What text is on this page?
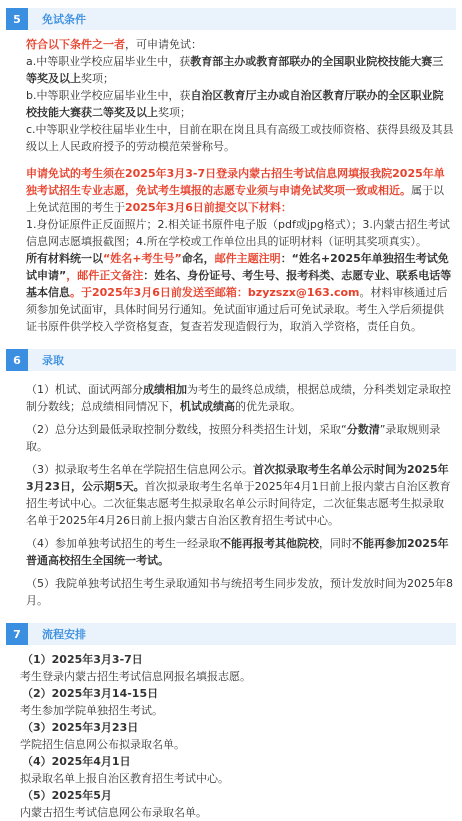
5	免试条件

符合以下条件之一者，可申请免试：

a.中等职业学校应届毕业生中，获教育部主办或教育部联办的全国职业院校技能大赛三等奖及以上奖项；

b.中等职业学校应届毕业生中，获自治区教育厅主办或自治区教育厅联办的全区职业院校技能大赛获二等奖及以上奖项；

c.中等职业学校往届毕业生中，目前在职在岗且具有高级工或技师资格、获得县级及其县级以上人民政府授予的劳动模范荣誉称号。

申请免试的考生须在2025年3月3-7日登录内蒙古招生考试信息网填报我院2025年单独考试招生专业志愿，免试考生填报的志愿专业须与申请免试奖项一致或相近。属于以上免试范围的考生于2025年3月6日前提交以下材料：

1.身份证原件正反面照片；2.相关证书原件电子版（pdf或jpg格式）；3.内蒙古招生考试信息网志愿填报截图；4.所在学校或工作单位出具的证明材料（证明其奖项真实）。

所有材料统一以“姓名+考生号”命名，邮件主题注明：“姓名+2025年单独招生考试免试申请”，邮件正文备注：姓名、身份证号、考生号、报考科类、志愿专业、联系电话等基本信息。于2025年3月6日前发送至邮箱：bzyzszx@163.com。材料审核通过后须参加免试面审，具体时间另行通知。免试面审通过后可免试录取。考生入学后须提供证书原件供学校入学资格复查，复查若发现造假行为，取消入学资格，责任自负。

6	录取

（1）机试、面试两部分成绩相加为考生的最终总成绩，根据总成绩，分科类划定录取控制分数线；总成绩相同情况下，机试成绩高的优先录取。

（2）总分达到最低录取控制分数线，按照分科类招生计划，采取“分数清”录取规则录取。

（3）拟录取考生名单在学院招生信息网公示。首次拟录取考生名单公示时间为2025年3月23日，公示期5天。首次拟录取考生名单于2025年4月1日前上报内蒙古自治区教育招生考试中心。二次征集志愿考生拟录取名单公示时间待定，二次征集志愿考生拟录取名单于2025年4月26日前上报内蒙古自治区教育招生考试中心。

（4）参加单独考试招生的考生一经录取不能再报考其他院校，同时不能再参加2025年普通高校招生全国统一考试。

（5）我院单独考试招生考生录取通知书与统招考生同步发放，预计发放时间为2025年8月。

7	流程安排
（1）2025年3月3-7日
考生登录内蒙古招生考试信息网报名填报志愿。
（2）2025年3月14-15日
考生参加学院单独招生考试。
（3）2025年3月23日
学院招生信息网公布拟录取名单。
（4）2025年4月1日
拟录取名单上报自治区教育招生考试中心。
（5）2025年5月
内蒙古招生考试信息网公布录取名单。
